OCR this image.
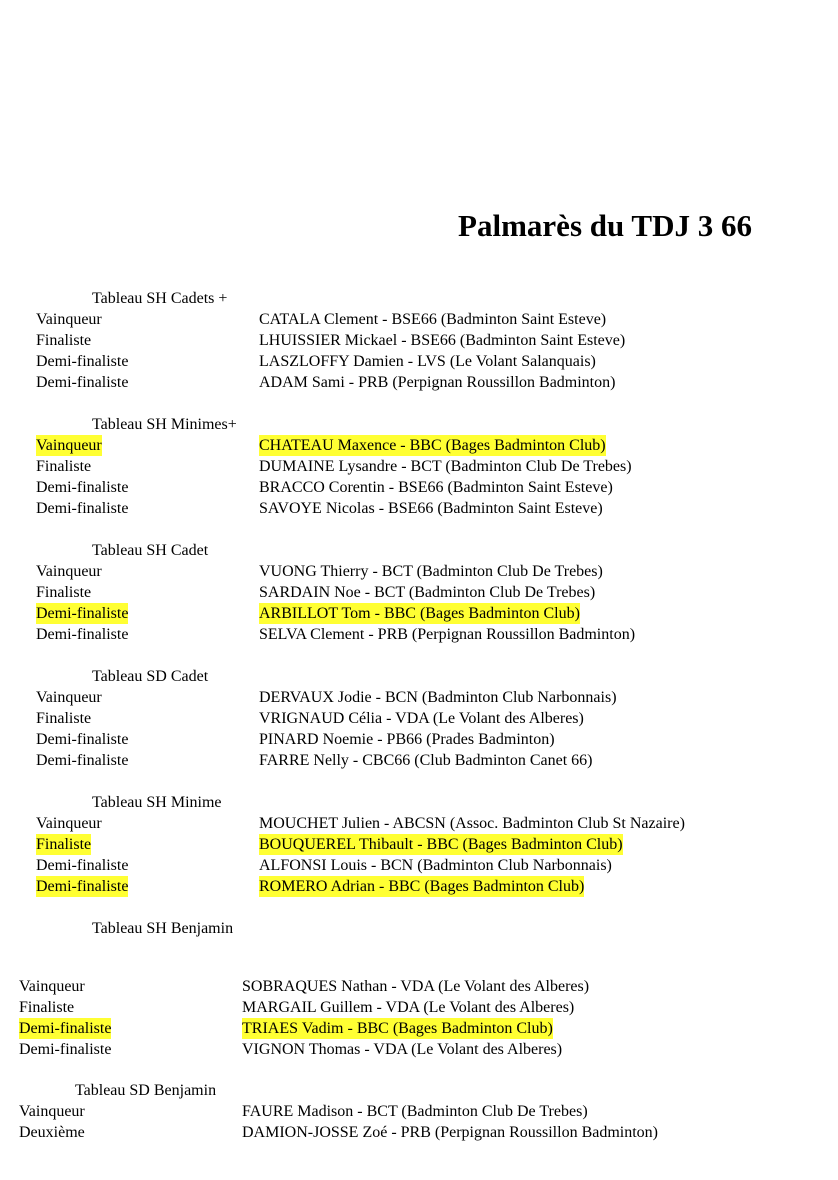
Palmarès du TDJ 3 66
Tableau SH Cadets +
Vainqueur	CATALA Clement - BSE66 (Badminton Saint Esteve)
Finaliste	LHUISSIER Mickael - BSE66 (Badminton Saint Esteve)
Demi-finaliste	LASZLOFFY Damien - LVS (Le Volant Salanquais)
Demi-finaliste	ADAM Sami - PRB (Perpignan Roussillon Badminton)
Tableau SH Minimes+
Vainqueur	CHATEAU Maxence - BBC (Bages Badminton Club)
Finaliste	DUMAINE Lysandre - BCT (Badminton Club De Trebes)
Demi-finaliste	BRACCO Corentin - BSE66 (Badminton Saint Esteve)
Demi-finaliste	SAVOYE Nicolas - BSE66 (Badminton Saint Esteve)
Tableau SH Cadet
Vainqueur	VUONG Thierry - BCT (Badminton Club De Trebes)
Finaliste	SARDAIN Noe - BCT (Badminton Club De Trebes)
Demi-finaliste	ARBILLOT Tom - BBC (Bages Badminton Club)
Demi-finaliste	SELVA Clement - PRB (Perpignan Roussillon Badminton)
Tableau SD Cadet
Vainqueur	DERVAUX Jodie - BCN (Badminton Club Narbonnais)
Finaliste	VRIGNAUD Célia - VDA (Le Volant des Alberes)
Demi-finaliste	PINARD Noemie - PB66 (Prades Badminton)
Demi-finaliste	FARRE Nelly - CBC66 (Club Badminton Canet 66)
Tableau SH Minime
Vainqueur	MOUCHET Julien - ABCSN (Assoc. Badminton Club St Nazaire)
Finaliste	BOUQUEREL Thibault - BBC (Bages Badminton Club)
Demi-finaliste	ALFONSI Louis - BCN (Badminton Club Narbonnais)
Demi-finaliste	ROMERO Adrian - BBC (Bages Badminton Club)
Tableau SH Benjamin
Vainqueur	SOBRAQUES Nathan - VDA (Le Volant des Alberes)
Finaliste	MARGAIL Guillem - VDA (Le Volant des Alberes)
Demi-finaliste	TRIAES Vadim - BBC (Bages Badminton Club)
Demi-finaliste	VIGNON Thomas - VDA (Le Volant des Alberes)
Tableau SD Benjamin
Vainqueur	FAURE Madison - BCT (Badminton Club De Trebes)
Deuxième	DAMION-JOSSE Zoé - PRB (Perpignan Roussillon Badminton)
